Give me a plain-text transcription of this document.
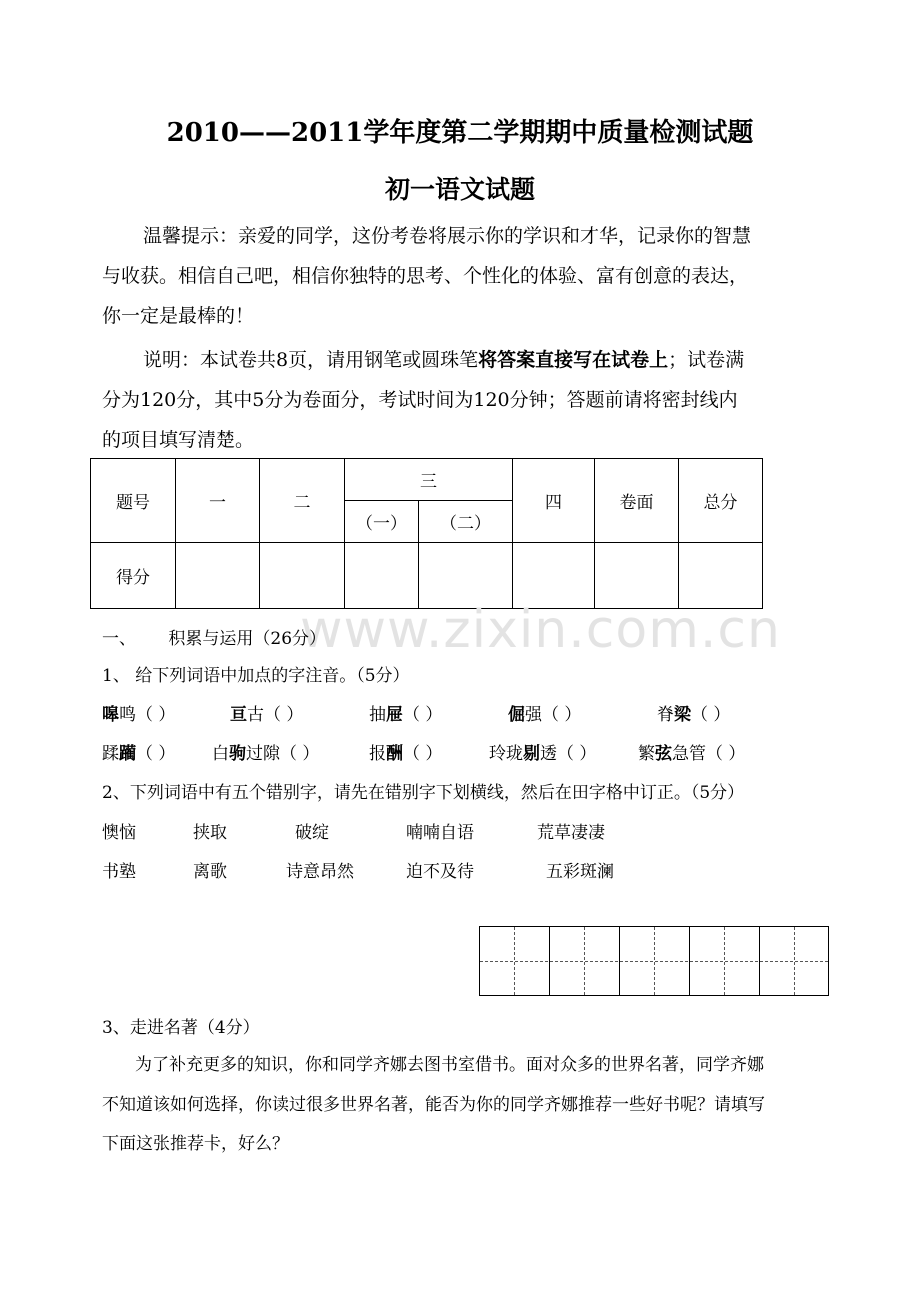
2010——2011学年度第二学期期中质量检测试题
初一语文试题
温馨提示：亲爱的同学，这份考卷将展示你的学识和才华，记录你的智慧
与收获。相信自己吧，相信你独特的思考、个性化的体验、富有创意的表达，
你一定是最棒的！
说明：本试卷共8页，请用钢笔或圆珠笔将答案直接写在试卷上；试卷满
分为120分，其中5分为卷面分，考试时间为120分钟；答题前请将密封线内
的项目填写清楚。
题号	一	二	三		四	卷面	总分
			（一）	（二）			
得分							
www.zixin.com.cn
一、      积累与运用（26分）
1、 给下列词语中加点的字注音。（5分）
嗥鸣（ ）	亘古（ ）	抽屉（ ）	倔强（ ）	脊梁（ ）
蹂躏（ ） 白驹过隙（ ）	报酬（ ）	玲珑剔透（ ） 繁弦急管（ ）
2、下列词语中有五个错别字，请先在错别字下划横线，然后在田字格中订正。（5分）
懊恼	挟取	破绽	喃喃自语	荒草凄凄
书塾	离歌	诗意昂然	迫不及待	五彩斑澜
3、走进名著（4分）
为了补充更多的知识，你和同学齐娜去图书室借书。面对众多的世界名著，同学齐娜
不知道该如何选择，你读过很多世界名著，能否为你的同学齐娜推荐一些好书呢？请填写
下面这张推荐卡，好么？
